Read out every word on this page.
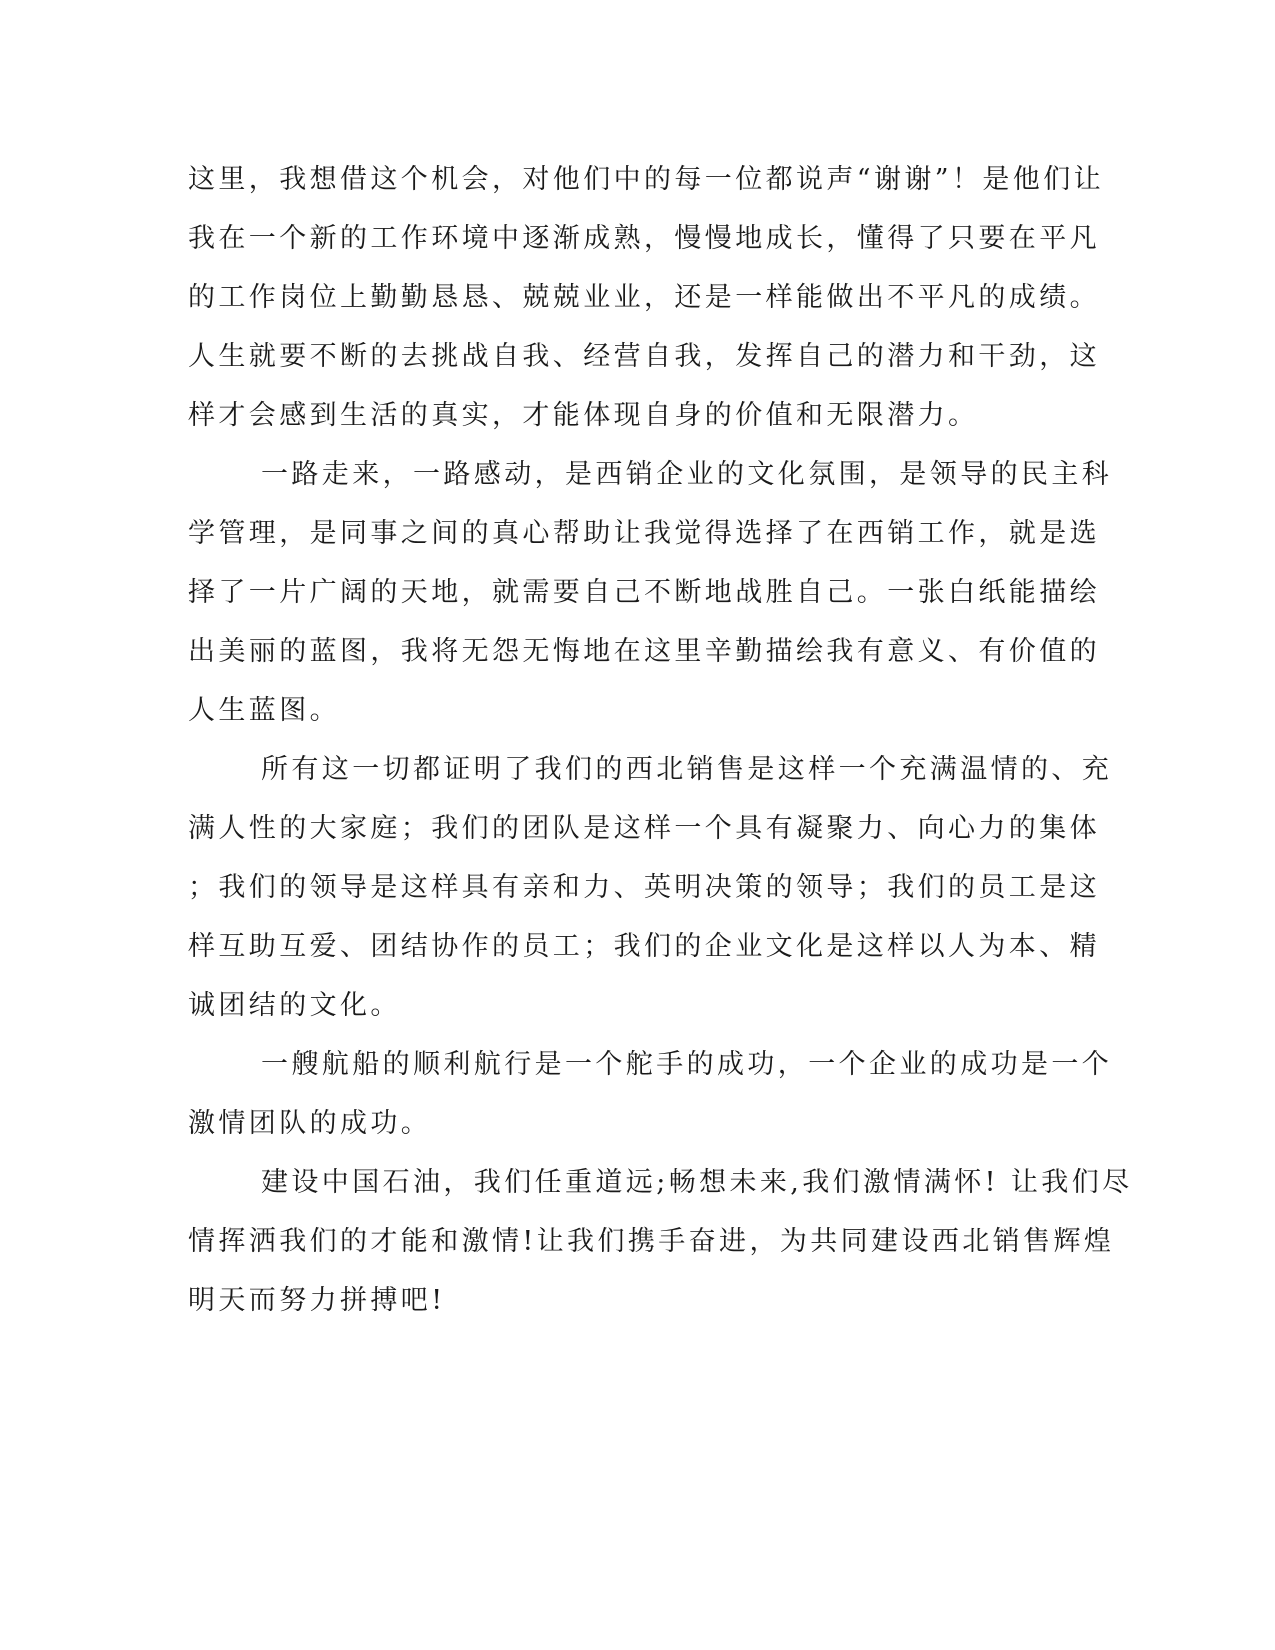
这里，我想借这个机会，对他们中的每一位都说声“谢谢”！是他们让

我在一个新的工作环境中逐渐成熟，慢慢地成长，懂得了只要在平凡

的工作岗位上勤勤恳恳、兢兢业业，还是一样能做出不平凡的成绩。

人生就要不断的去挑战自我、经营自我，发挥自己的潜力和干劲，这

样才会感到生活的真实，才能体现自身的价值和无限潜力。

一路走来，一路感动，是西销企业的文化氛围，是领导的民主科

学管理，是同事之间的真心帮助让我觉得选择了在西销工作，就是选

择了一片广阔的天地，就需要自己不断地战胜自己。一张白纸能描绘

出美丽的蓝图，我将无怨无悔地在这里辛勤描绘我有意义、有价值的

人生蓝图。

所有这一切都证明了我们的西北销售是这样一个充满温情的、充

满人性的大家庭；我们的团队是这样一个具有凝聚力、向心力的集体

；我们的领导是这样具有亲和力、英明决策的领导；我们的员工是这

样互助互爱、团结协作的员工；我们的企业文化是这样以人为本、精

诚团结的文化。

一艘航船的顺利航行是一个舵手的成功，一个企业的成功是一个

激情团队的成功。

建设中国石油，我们任重道远;畅想未来,我们激情满怀! 让我们尽

情挥洒我们的才能和激情!让我们携手奋进，为共同建设西北销售辉煌

明天而努力拼搏吧!
